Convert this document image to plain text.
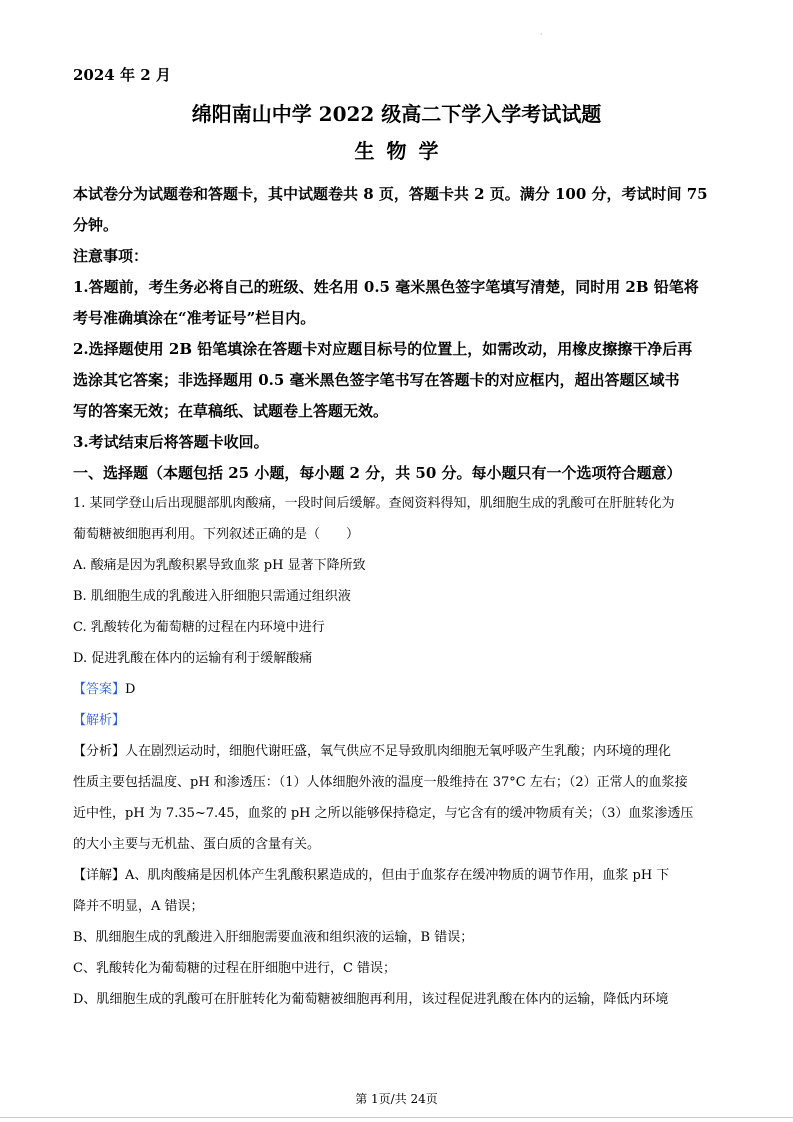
·
2024 年 2 月
绵阳南山中学 2022 级高二下学入学考试试题
生物学
本试卷分为试题卷和答题卡，其中试题卷共 8 页，答题卡共 2 页。满分 100 分，考试时间 75
分钟。
注意事项：
1.答题前，考生务必将自己的班级、姓名用 0.5 毫米黑色签字笔填写清楚，同时用 2B 铅笔将
考号准确填涂在“准考证号”栏目内。
2.选择题使用 2B 铅笔填涂在答题卡对应题目标号的位置上，如需改动，用橡皮擦擦干净后再
选涂其它答案；非选择题用 0.5 毫米黑色签字笔书写在答题卡的对应框内，超出答题区域书
写的答案无效；在草稿纸、试题卷上答题无效。
3.考试结束后将答题卡收回。
一、选择题（本题包括 25 小题，每小题 2 分，共 50 分。每小题只有一个选项符合题意）
1. 某同学登山后出现腿部肌肉酸痛，一段时间后缓解。查阅资料得知，肌细胞生成的乳酸可在肝脏转化为
葡萄糖被细胞再利用。下列叙述正确的是（　　）
A. 酸痛是因为乳酸积累导致血浆 pH 显著下降所致
B. 肌细胞生成的乳酸进入肝细胞只需通过组织液
C. 乳酸转化为葡萄糖的过程在内环境中进行
D. 促进乳酸在体内的运输有利于缓解酸痛
【答案】D
【解析】
【分析】人在剧烈运动时，细胞代谢旺盛，氧气供应不足导致肌肉细胞无氧呼吸产生乳酸；内环境的理化
性质主要包括温度、pH 和渗透压：（1）人体细胞外液的温度一般维持在 37°C 左右；（2）正常人的血浆接
近中性，pH 为 7.35~7.45，血浆的 pH 之所以能够保持稳定，与它含有的缓冲物质有关；（3）血浆渗透压
的大小主要与无机盐、蛋白质的含量有关。
【详解】A、肌肉酸痛是因机体产生乳酸积累造成的，但由于血浆存在缓冲物质的调节作用，血浆 pH 下
降并不明显，A 错误；
B、肌细胞生成的乳酸进入肝细胞需要血液和组织液的运输，B 错误；
C、乳酸转化为葡萄糖的过程在肝细胞中进行，C 错误；
D、肌细胞生成的乳酸可在肝脏转化为葡萄糖被细胞再利用，该过程促进乳酸在体内的运输，降低内环境
第 1页/共 24页
